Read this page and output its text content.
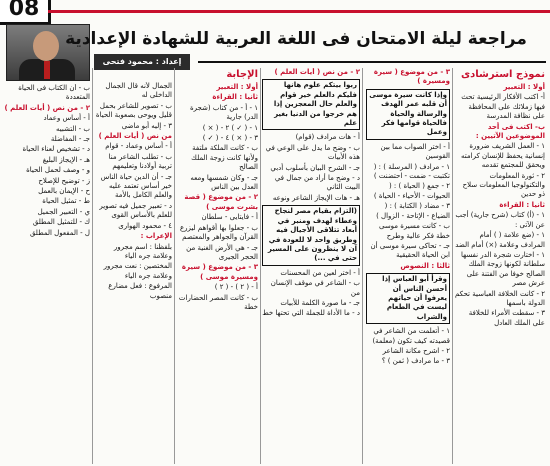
08
مراجعة ليلة الامتحان فى اللغة العربية للشهادة الإعدادية
إعداد : محمود فتحى
نموذج استرشادى

أولا : التعبير

أ- اكتب الأفكار الرئيسية تحث فيها زملائك على المحافظة على نظافة المدرسة

ب- اكتب فى أحد الموضوعين الآتيين :

١ - العمل الشريف ضرورة إنسانية يحفظ للإنسان كرامته ويحقق للمجتمع تقدمه

٢ - ثورة المعلومات والتكنولوجيا المعلومات سلاح ذو حدين

ثانيا : القراءة

١ - (أ) كتاب (شرح جارية) أجب عن الآتى :

١ - (ضع علامة ( ) أمام المرادف وعلامة (×) أمام الضد

١ - اختارت شجرة الدر نفسها سلطانة لكونها زوجة الملك الصالح خوفا من الفتنة على عرش مصر

٢ - كانت الخلافة العباسية تحكم الدولة باسمها

٣ - سقطت الأمراء للخلافة على الملك العادل

٣ - من موضوع ( سيرة ومسيرة )

وإذا كانت سيرة موسى أن قلبه عمر الهدف والرسالة والحياة فالحياة قوامها فكر وعمل

أ - اختر الصواب مما بين القوسين

١ - مرادف ( المرسلة ) : ( تكتبت - ضمت - احتضنت )

٢ - جمع ( الحياة ) : ( الحيوات - الأحياء - الحياة )

٣ - مضاد ( الكتابة ) : ( الضياع - الإتاحة - الزوال )

ب - كانت مسيرة موسى خطة فكر عالية وطرح

جـ - تحاكى سيرة موسى أن ابن الحياة الحقيقية

ثالثا : النصوص

وقرأ أبو العباس إذا أحسن الناس أن يعرفوا أن حياتهم ليست في الطعام والشراب

١ - أتعلمت من الشاعر في قصيدته كيف تكون (معلمة)

٢ - اشرح مكانة الشاعر

٣ - ما مرادف ( ثمن ) ؟

٢ - من نص ( أيات العلم )

ربوا بيتكم علوم هانها فليكم دالعلم خير قوام والعلم حال المعجزين إذا هم خرجوا من الدنيا بغير علم

أ - هات مرادف (قوام)

ب - وضح ما يدل على الوعي في هذه الأبيات

جـ - الشرح البيان بأسلوب أدبي

د - وضح ما أراد من جمال في البيت الثاني

هـ - هات الإيجاز الشاعر ونوعه

(التزام بقيام مصر لنجاح وعطاء لهدف ومنبر في أبعاد تتلاقى الأجيال فيه وطريق واحد لا للعودة في آن لا ينظرون على المسير حتى في ...)

أ - اختر لعين من المحسنات

ب - الشاعر في موقف الإنسان من

جـ - ما صورة الكلمة للأبيات

د - ما الأداة للجملة التي تحتها خط

الإجابة

أولا : التعبير

ثانيا : القراءة

١ - أ - من كتاب (شجرة الدر) جارية

١ - ( ✓ ) ٢ - ( × )

٣ - ( × ) ٤ - ( ✓ )

ب - كانت الملكة ملتفة ولأنها كانت زوجة الملك الصالح

جـ - وكان شمسها ومعه العدل بين الناس

٢ - من موضوع ( قصة بشرت موسى )

أ - فايتايى - سلطان

ب - جعلوا بها أقواهم ليزرع القرآن والجواهر والمعتصم

جـ - هي الأرض الغنية من الحجر الجيرى

٣ - من موضوع ( سيرة ومسيرة موسى )

أ - ( ٢ ) - ( ٢ )

ب - كانت المصر الحضارات خطة

الجمال لأنه قال الجمال الداخلى له

ب - تصوير للشاعر بحمل قليل ويوحى بصعوبة الحياة

٣ - إليه أبو ماضى

من نص ( أيات العلم )

أ - أساس وعماد - قوام

ب - تطلب الشاعر منا تربية أولادنا وتعليمهم

جـ - أن الدين حياة الناس خير أساس تعتمد عليه والعلم الكامل بالأمة

د - تعبير جميل فيه تصوير للعلم بالأساس القوى

٤ - محمود الهوارى

الإعراب :

بلفظنا : اسم مجرور وعلامة جره الياء

المختصين : نعت مجرور وعلامة جره الياء

المرفوع : فعل مضارع منصوب

ب - أن الكتاب فى الحياة المتعددة

٢ - من نص ( أيات العلم )

أ - أساس وعماد

ب - التشبيه

جـ - المفاضلة

د - تشخيص لعناء الحياة

هـ - الإيجاز البليغ

و - وصف لحمل الحياة

ز - توضيح للإصلاح

ح - الإيمان بالعمل

ط - تمثيل الحياة

ي - التعبير الجميل

ك - للتمثيل المطلق

ل - المفعول المطلق
